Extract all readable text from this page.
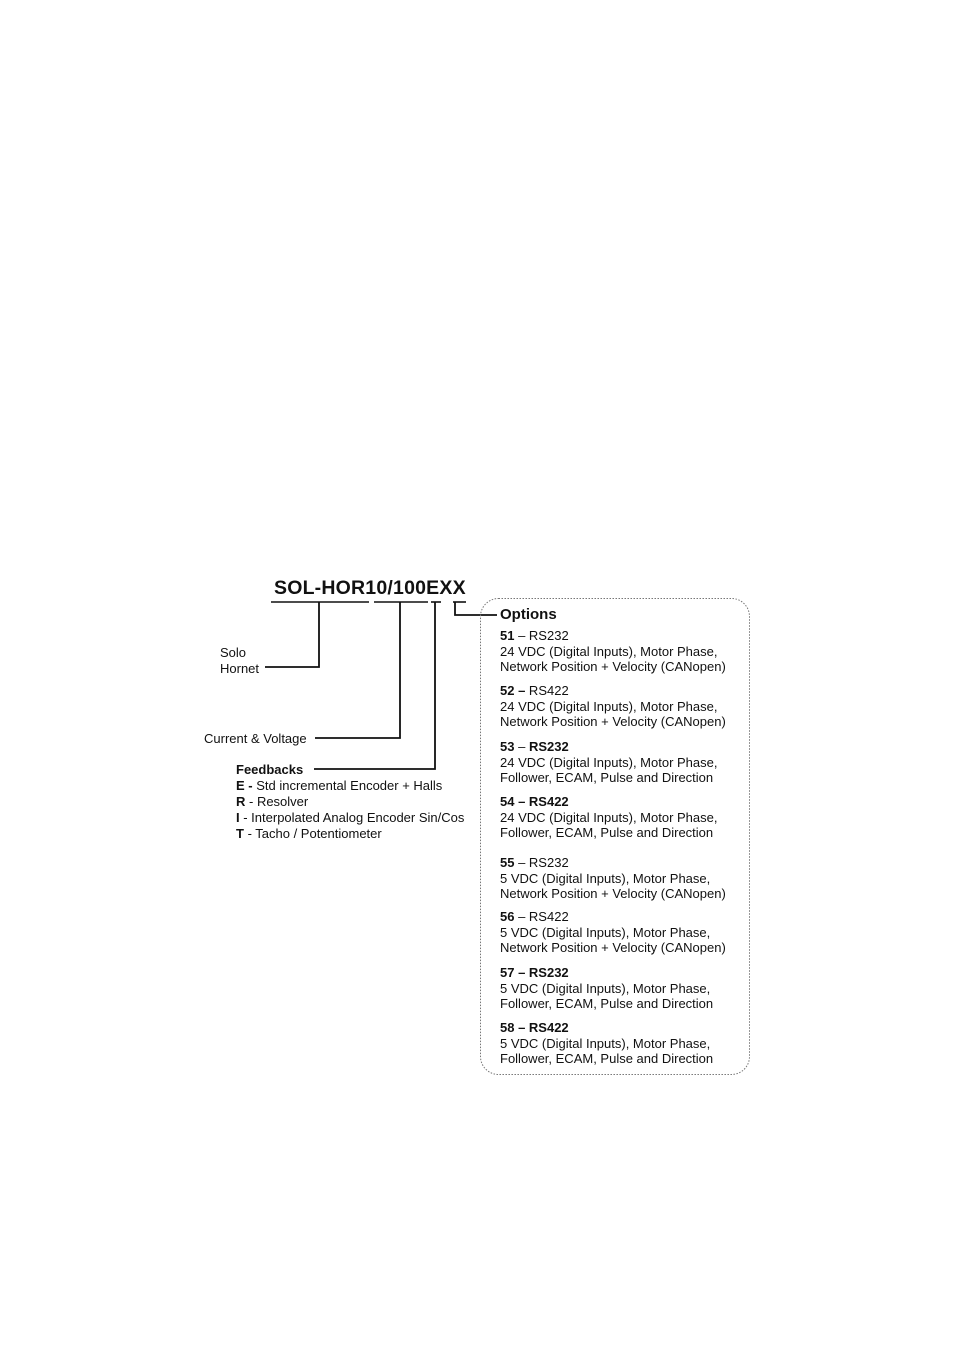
SOL-HOR10/100EXX
Solo
Hornet
Current & Voltage
Feedbacks
E - Std incremental Encoder + Halls
R - Resolver
I - Interpolated Analog Encoder Sin/Cos
T - Tacho / Potentiometer
Options
51 – RS232
24 VDC (Digital Inputs), Motor Phase,
Network Position + Velocity (CANopen)
52 – RS422
24 VDC (Digital Inputs), Motor Phase,
Network Position + Velocity (CANopen)
53 – RS232
24 VDC (Digital Inputs), Motor Phase,
Follower, ECAM, Pulse and Direction
54 – RS422
24 VDC (Digital Inputs), Motor Phase,
Follower, ECAM, Pulse and Direction
55 – RS232
5 VDC (Digital Inputs), Motor Phase,
Network Position + Velocity (CANopen)
56 – RS422
5 VDC (Digital Inputs), Motor Phase,
Network Position + Velocity (CANopen)
57 – RS232
5 VDC (Digital Inputs), Motor Phase,
Follower, ECAM, Pulse and Direction
58 – RS422
5 VDC (Digital Inputs), Motor Phase,
Follower, ECAM, Pulse and Direction
